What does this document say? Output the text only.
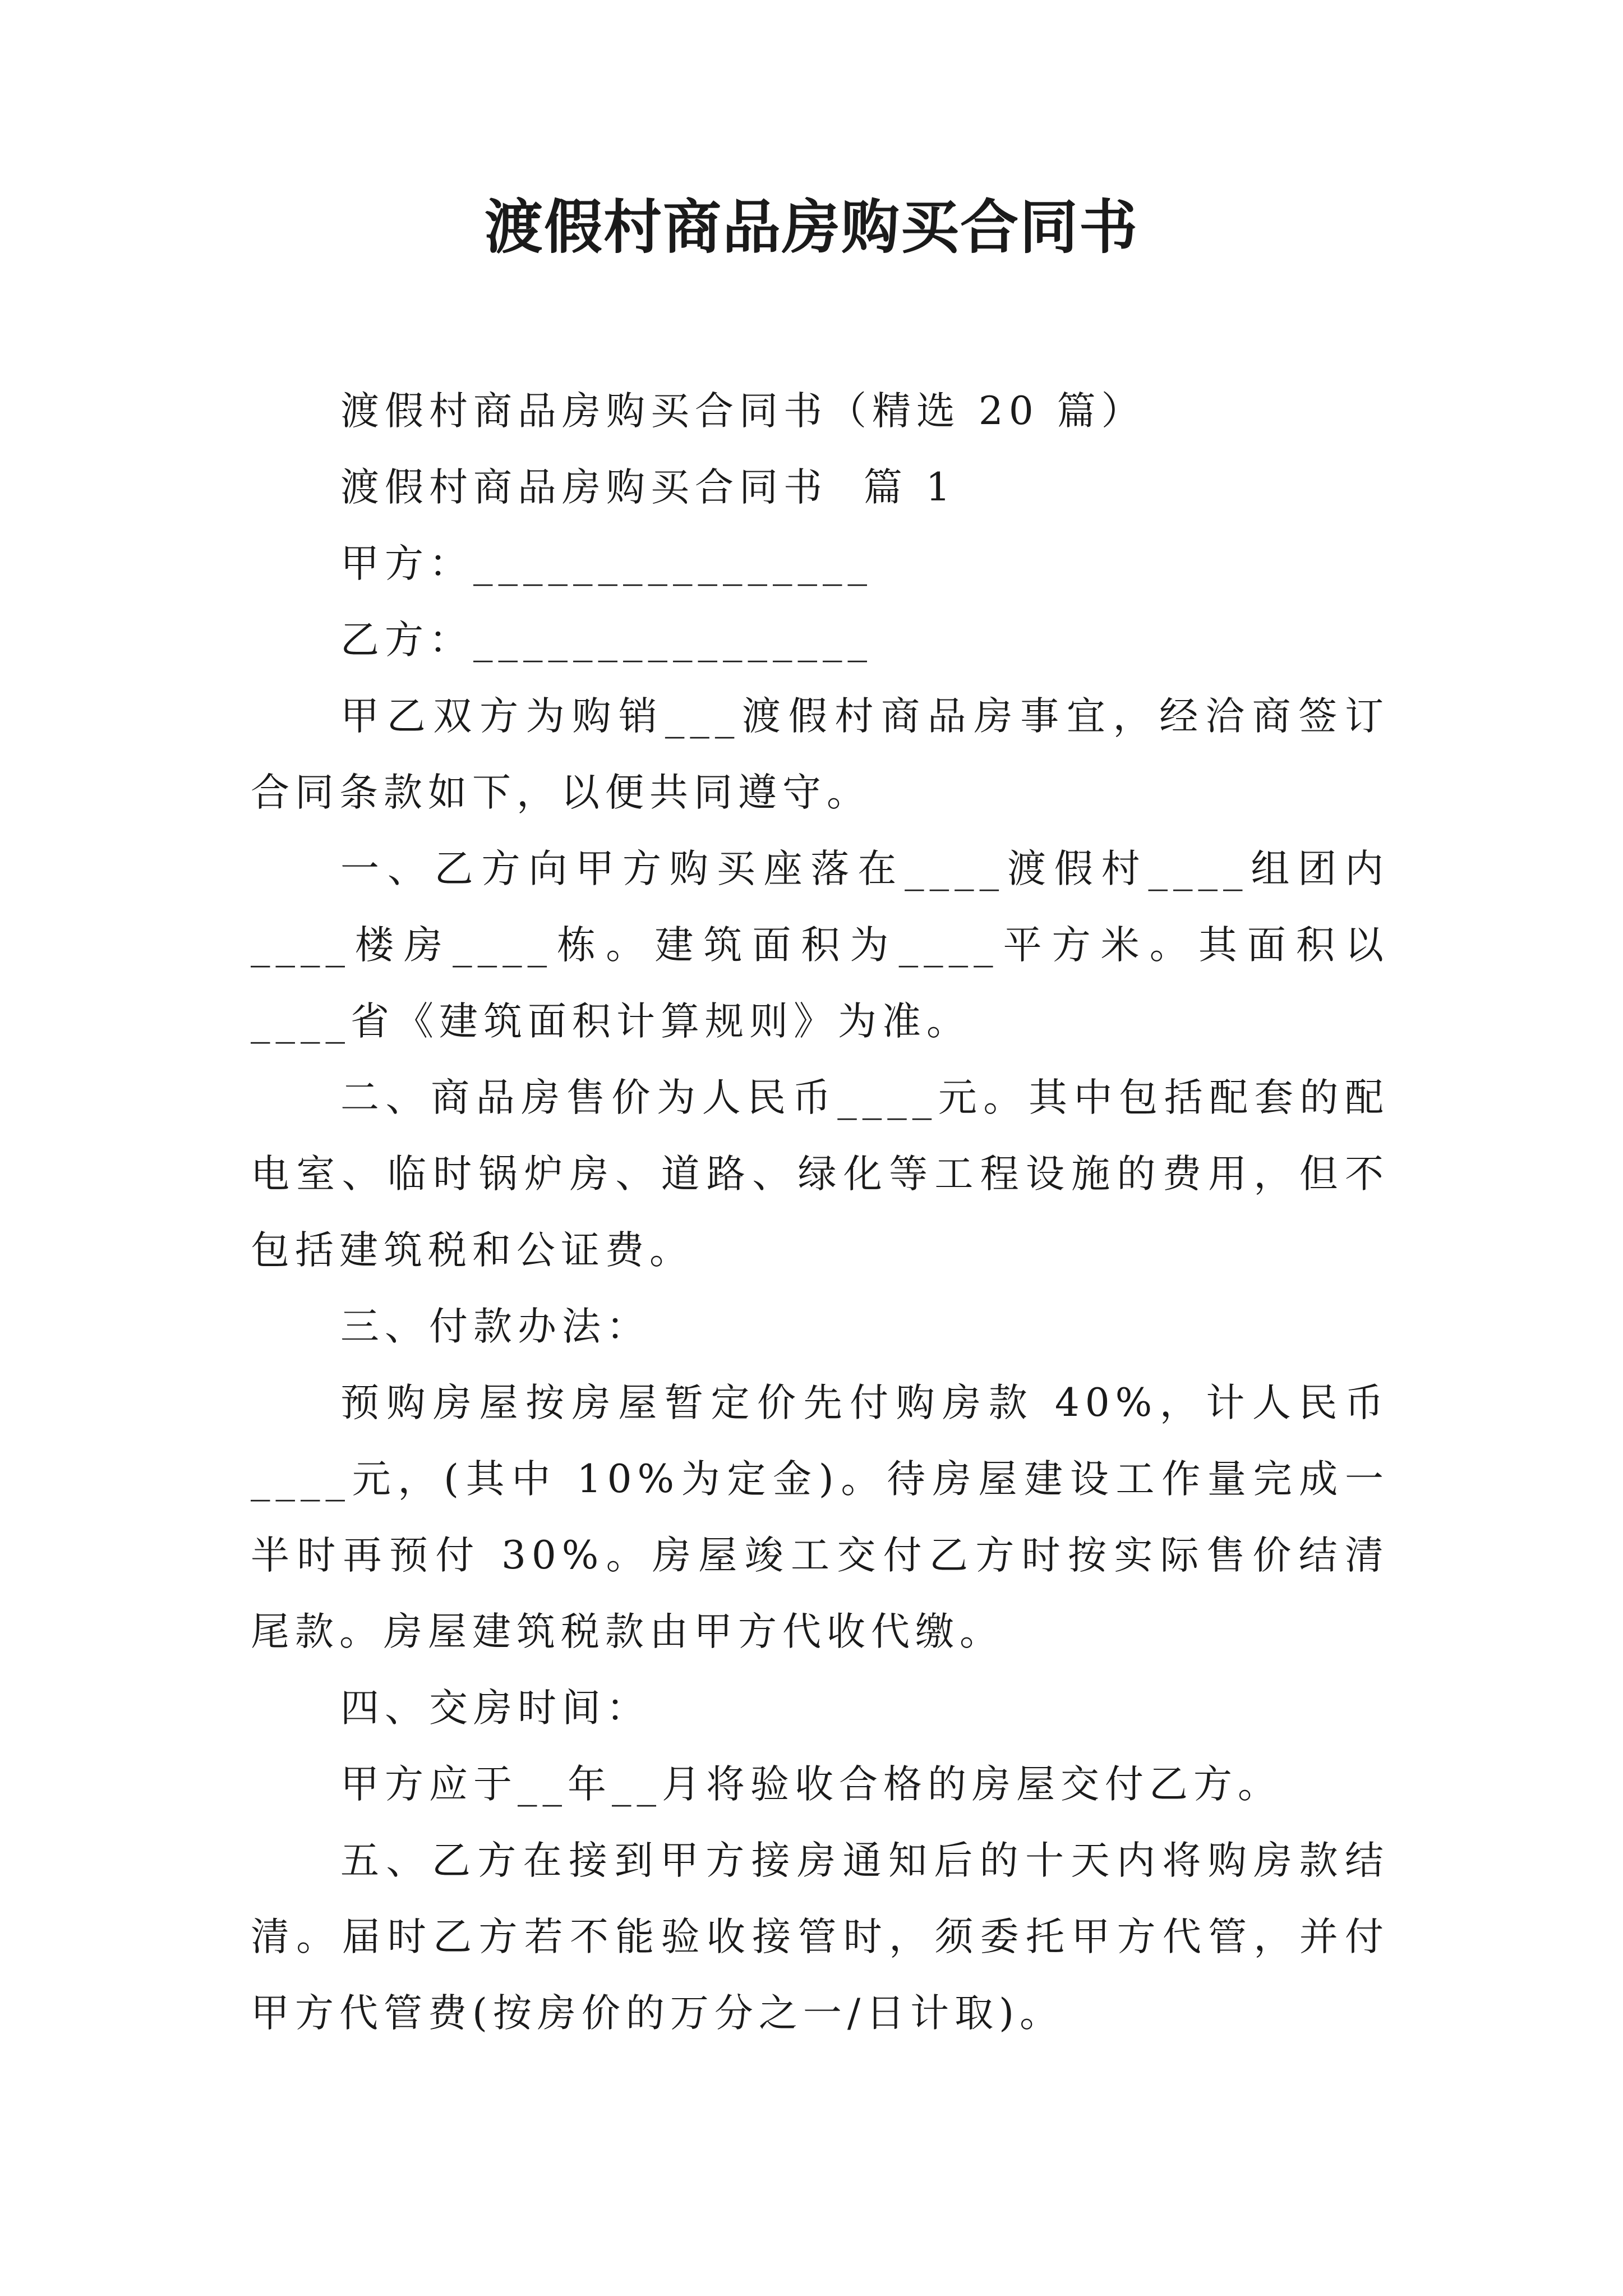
渡假村商品房购买合同书

渡假村商品房购买合同书（精选 20 篇）

渡假村商品房购买合同书  篇 1

甲方：________________

乙方：________________

甲乙双方为购销___渡假村商品房事宜，经洽商签订合同条款如下，以便共同遵守。

一、乙方向甲方购买座落在____渡假村____组团内____楼房____栋。建筑面积为____平方米。其面积以____省《建筑面积计算规则》为准。

二、商品房售价为人民币____元。其中包括配套的配电室、临时锅炉房、道路、绿化等工程设施的费用，但不包括建筑税和公证费。

三、付款办法：

预购房屋按房屋暂定价先付购房款 40%，计人民币____元，(其中 10%为定金)。待房屋建设工作量完成一半时再预付 30%。房屋竣工交付乙方时按实际售价结清尾款。房屋建筑税款由甲方代收代缴。

四、交房时间：

甲方应于__年__月将验收合格的房屋交付乙方。

五、乙方在接到甲方接房通知后的十天内将购房款结清。届时乙方若不能验收接管时，须委托甲方代管，并付甲方代管费(按房价的万分之一/日计取)。
